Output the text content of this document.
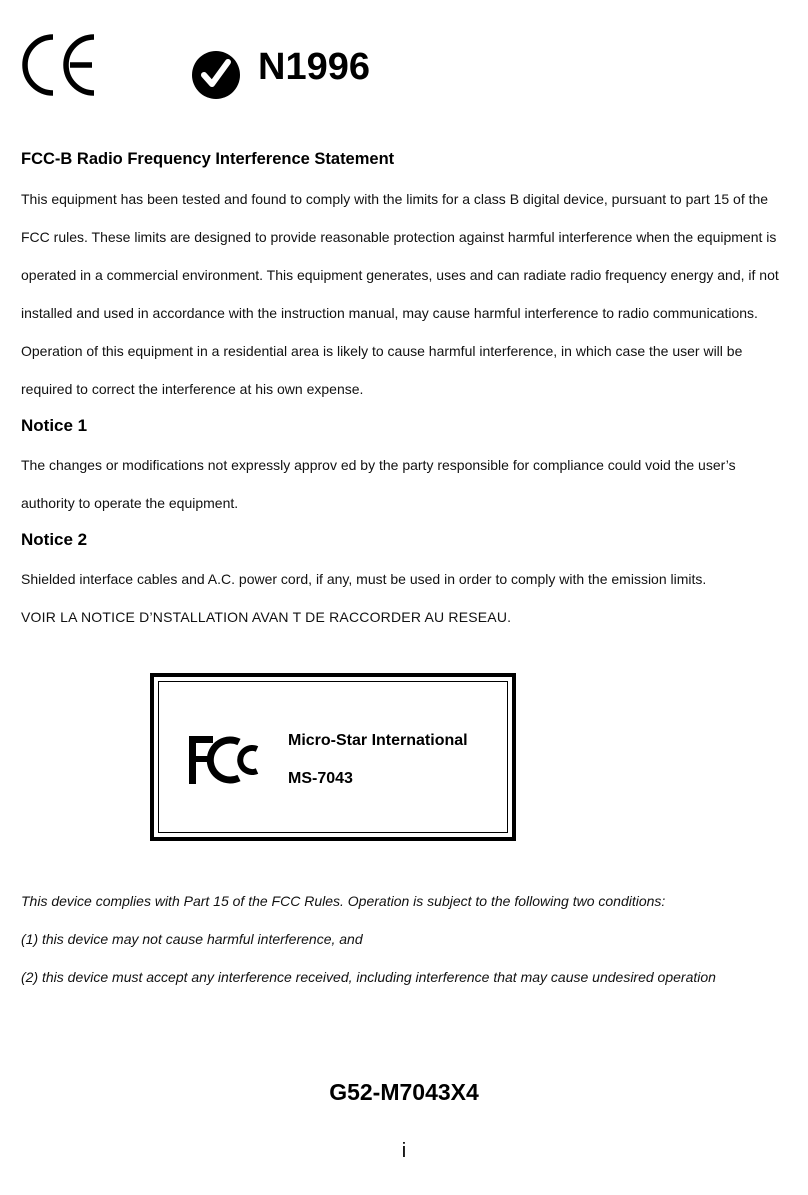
N1996
FCC-B Radio Frequency Interference Statement
This equipment has been tested and found to comply with the limits for a class B digital device, pursuant to part 15 of the FCC rules. These limits are designed to provide reasonable protection against harmful interference when the equipment is operated in a commercial environment. This equipment generates, uses and can radiate radio frequency energy and, if not installed and used in accordance with the instruction manual, may cause harmful interference to radio communications. Operation of this equipment in a residential area is likely to cause harmful interference, in which case the user will be required to correct the interference at his own expense.
Notice 1
The changes or modifications not expressly approv ed by the party responsible for compliance could void the user’s authority to operate the equipment.
Notice 2
Shielded interface cables and A.C. power cord, if any, must be used in order to comply with the emission limits.
VOIR LA NOTICE D’NSTALLATION AVAN T DE RACCORDER AU RESEAU.
Micro-Star International
MS-7043
This device complies with Part 15 of the FCC Rules. Operation is subject to the following two conditions:
(1) this device may not cause harmful interference, and
(2) this device must accept any interference received, including interference that may cause undesired operation
G52-M7043X4
i
